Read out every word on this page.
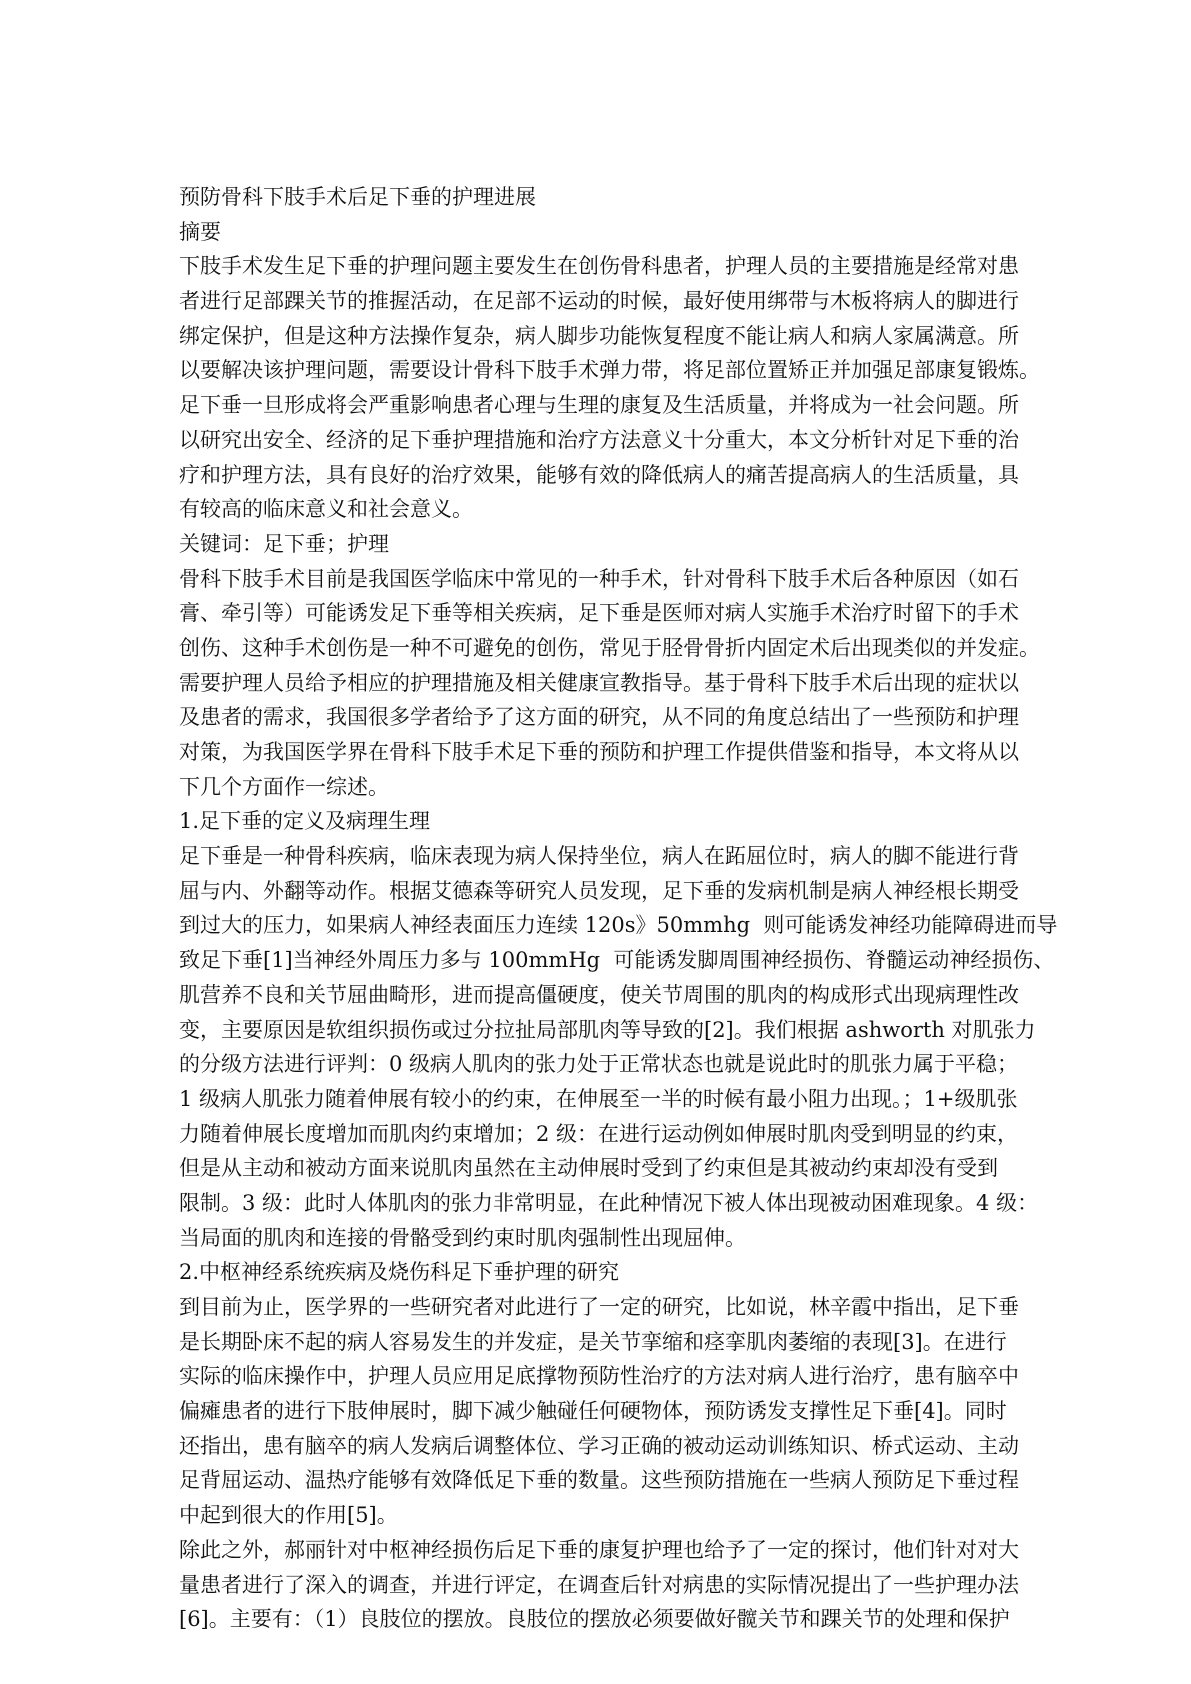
预防骨科下肢手术后足下垂的护理进展
摘要
下肢手术发生足下垂的护理问题主要发生在创伤骨科患者，护理人员的主要措施是经常对患
者进行足部踝关节的推握活动，在足部不运动的时候，最好使用绑带与木板将病人的脚进行
绑定保护，但是这种方法操作复杂，病人脚步功能恢复程度不能让病人和病人家属满意。所
以要解决该护理问题，需要设计骨科下肢手术弹力带，将足部位置矫正并加强足部康复锻炼。
足下垂一旦形成将会严重影响患者心理与生理的康复及生活质量，并将成为一社会问题。所
以研究出安全、经济的足下垂护理措施和治疗方法意义十分重大，本文分析针对足下垂的治
疗和护理方法，具有良好的治疗效果，能够有效的降低病人的痛苦提高病人的生活质量，具
有较高的临床意义和社会意义。
关键词：足下垂；护理
骨科下肢手术目前是我国医学临床中常见的一种手术，针对骨科下肢手术后各种原因（如石
膏、牵引等）可能诱发足下垂等相关疾病，足下垂是医师对病人实施手术治疗时留下的手术
创伤、这种手术创伤是一种不可避免的创伤，常见于胫骨骨折内固定术后出现类似的并发症。
需要护理人员给予相应的护理措施及相关健康宣教指导。基于骨科下肢手术后出现的症状以
及患者的需求，我国很多学者给予了这方面的研究，从不同的角度总结出了一些预防和护理
对策，为我国医学界在骨科下肢手术足下垂的预防和护理工作提供借鉴和指导，本文将从以
下几个方面作一综述。
1.足下垂的定义及病理生理
足下垂是一种骨科疾病，临床表现为病人保持坐位，病人在跖屈位时，病人的脚不能进行背
屈与内、外翻等动作。根据艾德森等研究人员发现，足下垂的发病机制是病人神经根长期受
到过大的压力，如果病人神经表面压力连续 120s》50mmhg  则可能诱发神经功能障碍进而导
致足下垂[1]当神经外周压力多与 100mmHg  可能诱发脚周围神经损伤、脊髓运动神经损伤、
肌营养不良和关节屈曲畸形，进而提高僵硬度，使关节周围的肌肉的构成形式出现病理性改
变，主要原因是软组织损伤或过分拉扯局部肌肉等导致的[2]。我们根据 ashworth 对肌张力
的分级方法进行评判：0 级病人肌肉的张力处于正常状态也就是说此时的肌张力属于平稳；
1 级病人肌张力随着伸展有较小的约束，在伸展至一半的时候有最小阻力出现。；1+级肌张
力随着伸展长度增加而肌肉约束增加；2 级：在进行运动例如伸展时肌肉受到明显的约束，
但是从主动和被动方面来说肌肉虽然在主动伸展时受到了约束但是其被动约束却没有受到
限制。3 级：此时人体肌肉的张力非常明显，在此种情况下被人体出现被动困难现象。4 级：
当局面的肌肉和连接的骨骼受到约束时肌肉强制性出现屈伸。
2.中枢神经系统疾病及烧伤科足下垂护理的研究
到目前为止，医学界的一些研究者对此进行了一定的研究，比如说，林辛霞中指出，足下垂
是长期卧床不起的病人容易发生的并发症，是关节挛缩和痉挛肌肉萎缩的表现[3]。在进行
实际的临床操作中，护理人员应用足底撑物预防性治疗的方法对病人进行治疗，患有脑卒中
偏瘫患者的进行下肢伸展时，脚下减少触碰任何硬物体，预防诱发支撑性足下垂[4]。同时
还指出，患有脑卒的病人发病后调整体位、学习正确的被动运动训练知识、桥式运动、主动
足背屈运动、温热疗能够有效降低足下垂的数量。这些预防措施在一些病人预防足下垂过程
中起到很大的作用[5]。
除此之外，郝丽针对中枢神经损伤后足下垂的康复护理也给予了一定的探讨，他们针对对大
量患者进行了深入的调查，并进行评定，在调查后针对病患的实际情况提出了一些护理办法
[6]。主要有：（1）良肢位的摆放。良肢位的摆放必须要做好髋关节和踝关节的处理和保护
